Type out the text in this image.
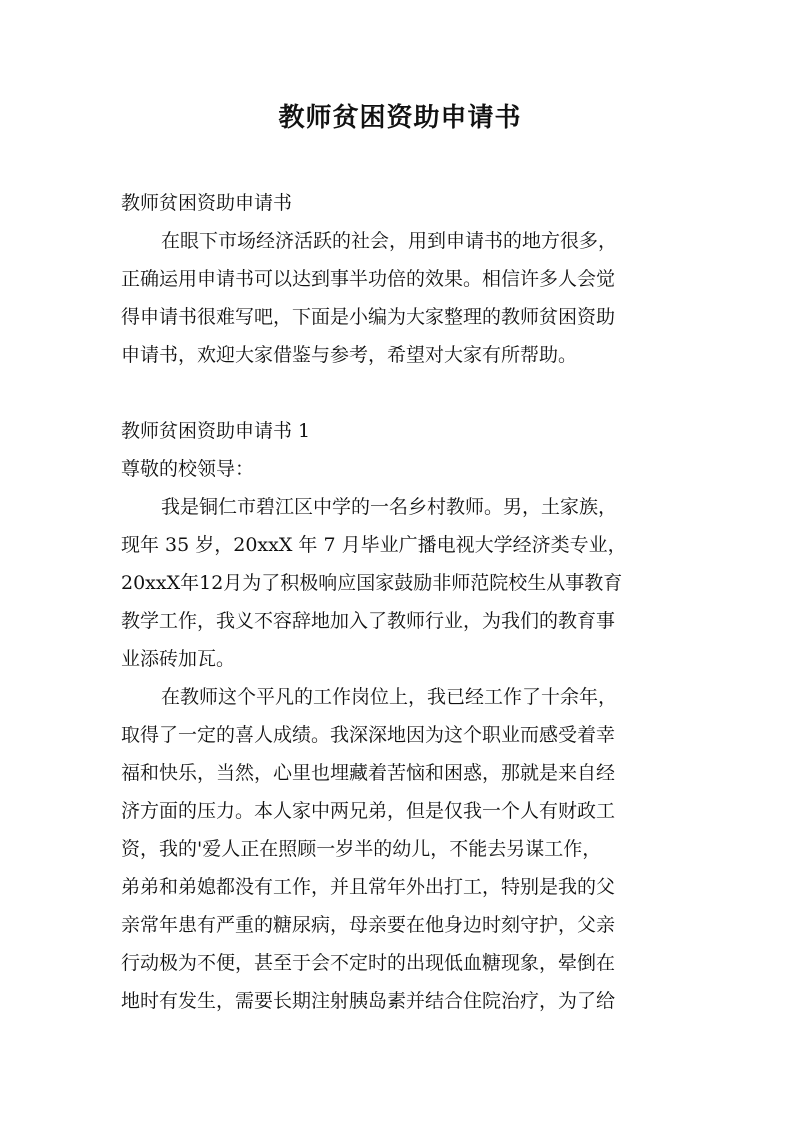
教师贫困资助申请书
教师贫困资助申请书
在眼下市场经济活跃的社会，用到申请书的地方很多，
正确运用申请书可以达到事半功倍的效果。相信许多人会觉
得申请书很难写吧，下面是小编为大家整理的教师贫困资助
申请书，欢迎大家借鉴与参考，希望对大家有所帮助。
教师贫困资助申请书 1
尊敬的校领导：
我是铜仁市碧江区中学的一名乡村教师。男，土家族，
现年 35 岁，20xxX 年 7 月毕业广播电视大学经济类专业，
20xxX年12月为了积极响应国家鼓励非师范院校生从事教育
教学工作，我义不容辞地加入了教师行业，为我们的教育事
业添砖加瓦。
在教师这个平凡的工作岗位上，我已经工作了十余年，
取得了一定的喜人成绩。我深深地因为这个职业而感受着幸
福和快乐，当然，心里也埋藏着苦恼和困惑，那就是来自经
济方面的压力。本人家中两兄弟，但是仅我一个人有财政工
资，我的'爱人正在照顾一岁半的幼儿，不能去另谋工作，
弟弟和弟媳都没有工作，并且常年外出打工，特别是我的父
亲常年患有严重的糖尿病，母亲要在他身边时刻守护，父亲
行动极为不便，甚至于会不定时的出现低血糖现象，晕倒在
地时有发生，需要长期注射胰岛素并结合住院治疗，为了给
